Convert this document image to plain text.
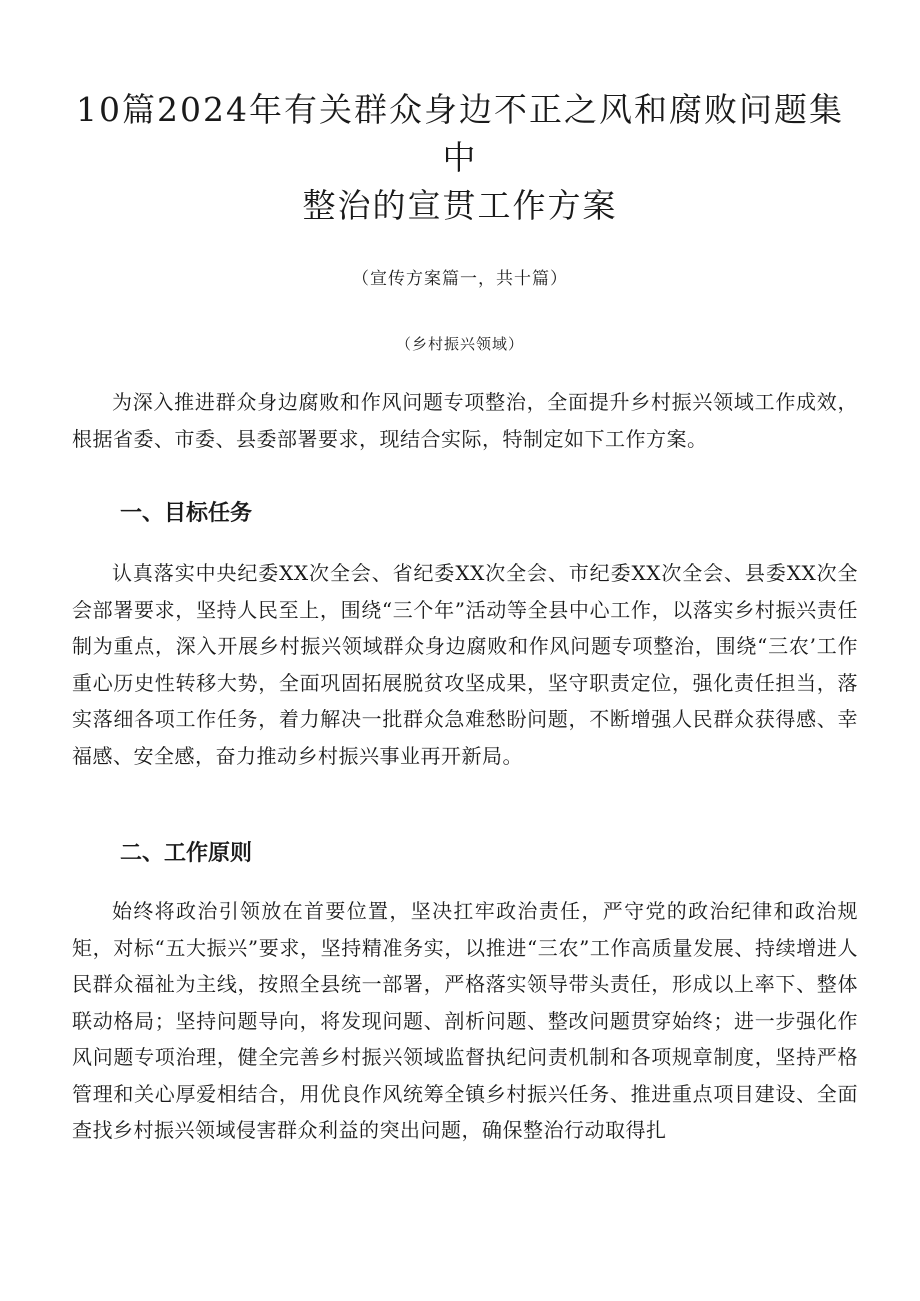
10篇2024年有关群众身边不正之风和腐败问题集中
整治的宣贯工作方案
（宣传方案篇一，共十篇）
（乡村振兴领域）

为深入推进群众身边腐败和作风问题专项整治，全面提升乡村振兴领域工作成效，根据省委、市委、县委部署要求，现结合实际，特制定如下工作方案。

一、目标任务

认真落实中央纪委XX次全会、省纪委XX次全会、市纪委XX次全会、县委XX次全会部署要求，坚持人民至上，围绕“三个年”活动等全县中心工作，以落实乡村振兴责任制为重点，深入开展乡村振兴领域群众身边腐败和作风问题专项整治，围绕“三农’工作重心历史性转移大势，全面巩固拓展脱贫攻坚成果，坚守职责定位，强化责任担当，落实落细各项工作任务，着力解决一批群众急难愁盼问题，不断增强人民群众获得感、幸福感、安全感，奋力推动乡村振兴事业再开新局。

二、工作原则

始终将政治引领放在首要位置，坚决扛牢政治责任，严守党的政治纪律和政治规矩，对标“五大振兴”要求，坚持精准务实，以推进“三农”工作高质量发展、持续增进人民群众福祉为主线，按照全县统一部署，严格落实领导带头责任，形成以上率下、整体联动格局；坚持问题导向，将发现问题、剖析问题、整改问题贯穿始终；进一步强化作风问题专项治理，健全完善乡村振兴领域监督执纪问责机制和各项规章制度，坚持严格管理和关心厚爱相结合，用优良作风统筹全镇乡村振兴任务、推进重点项目建设、全面查找乡村振兴领域侵害群众利益的突出问题，确保整治行动取得扎
